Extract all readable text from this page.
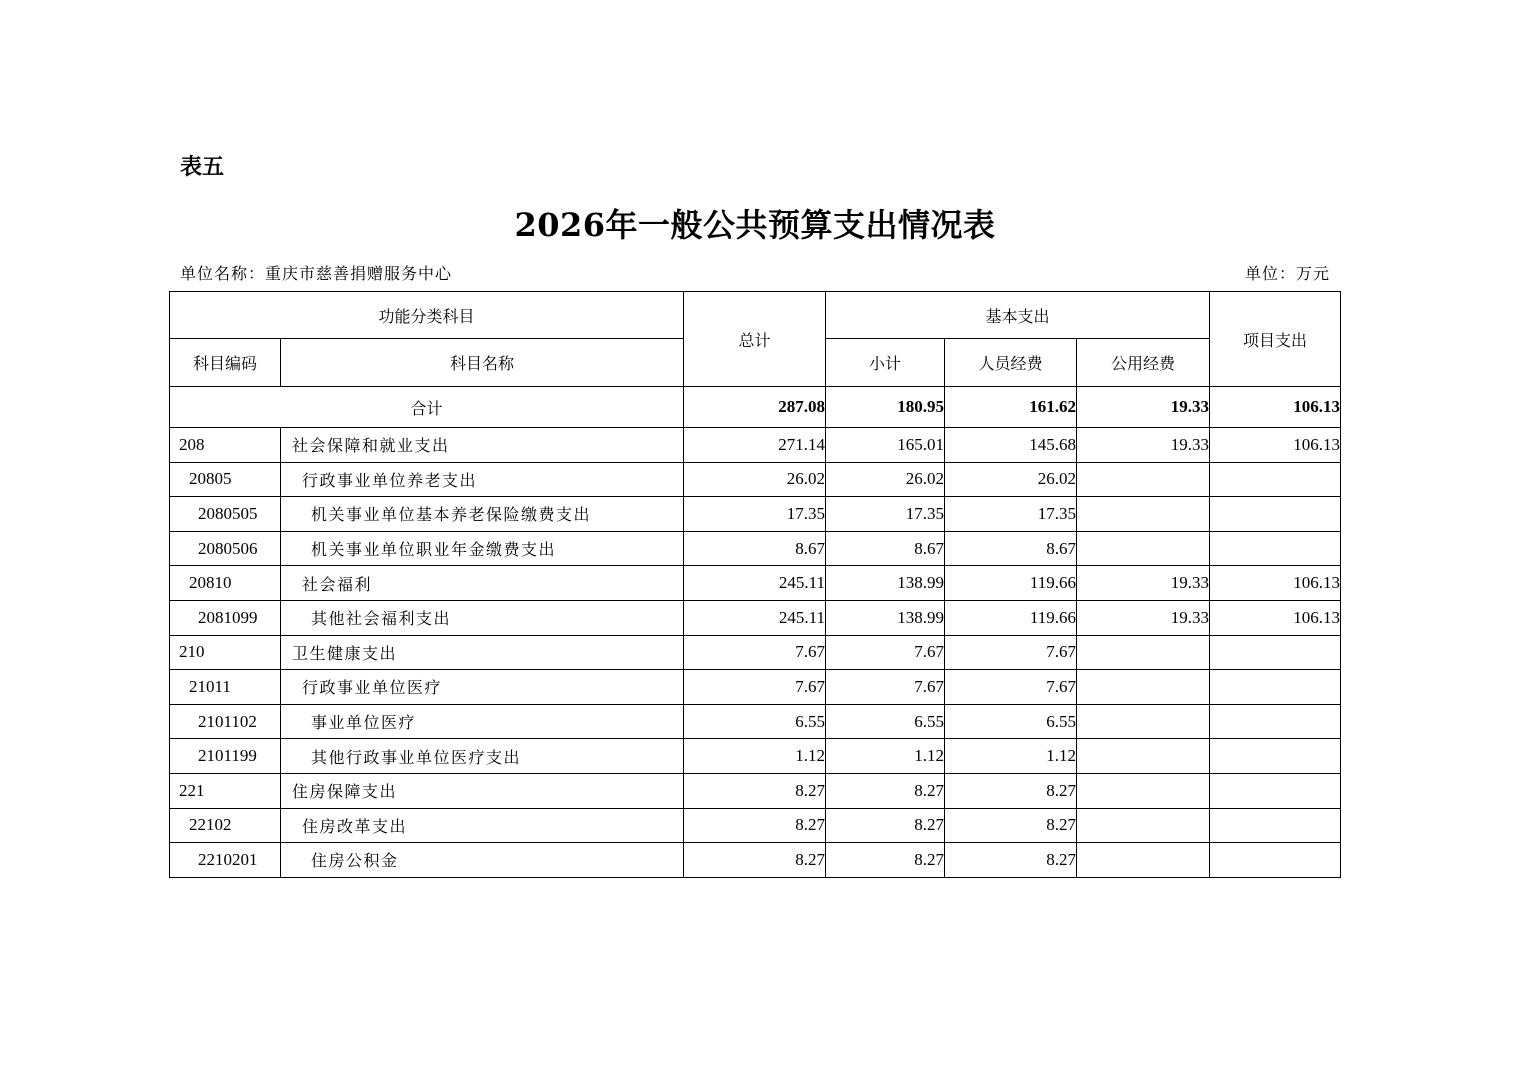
表五
2026年一般公共预算支出情况表
单位名称：重庆市慈善捐赠服务中心	单位：万元
功能分类科目		总计	基本支出			项目支出
科目编码	科目名称		小计	人员经费	公用经费	
合计		287.08	180.95	161.62	19.33	106.13
208	社会保障和就业支出	271.14	165.01	145.68	19.33	106.13
20805	行政事业单位养老支出	26.02	26.02	26.02		
2080505	机关事业单位基本养老保险缴费支出	17.35	17.35	17.35		
2080506	机关事业单位职业年金缴费支出	8.67	8.67	8.67		
20810	社会福利	245.11	138.99	119.66	19.33	106.13
2081099	其他社会福利支出	245.11	138.99	119.66	19.33	106.13
210	卫生健康支出	7.67	7.67	7.67		
21011	行政事业单位医疗	7.67	7.67	7.67		
2101102	事业单位医疗	6.55	6.55	6.55		
2101199	其他行政事业单位医疗支出	1.12	1.12	1.12		
221	住房保障支出	8.27	8.27	8.27		
22102	住房改革支出	8.27	8.27	8.27		
2210201	住房公积金	8.27	8.27	8.27		
